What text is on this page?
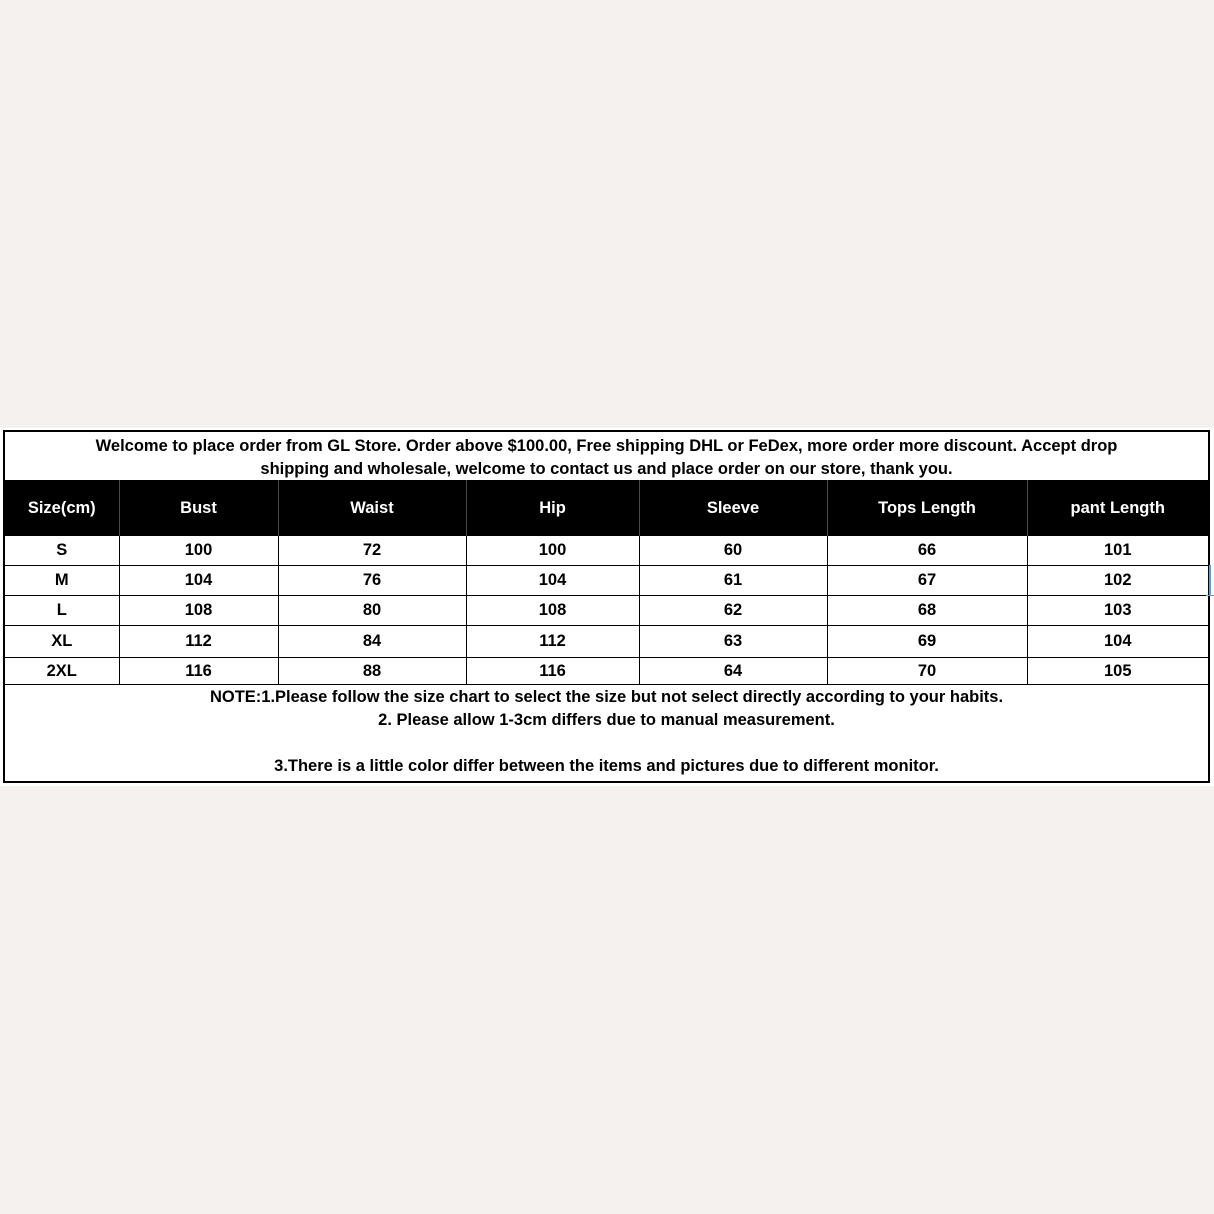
Welcome to place order from GL Store. Order above $100.00, Free shipping DHL or FeDex, more order more discount. Accept drop
shipping and wholesale, welcome to contact us and place order on our store, thank you.
Size(cm)	Bust	Waist	Hip	Sleeve	Tops Length	pant Length
S	100	72	100	60	66	101
M	104	76	104	61	67	102
L	108	80	108	62	68	103
XL	112	84	112	63	69	104
2XL	116	88	116	64	70	105
NOTE:1.Please follow the size chart to select the size but not select directly according to your habits.
2. Please allow 1-3cm differs due to manual measurement.
3.There is a little color differ between the items and pictures due to different monitor.
